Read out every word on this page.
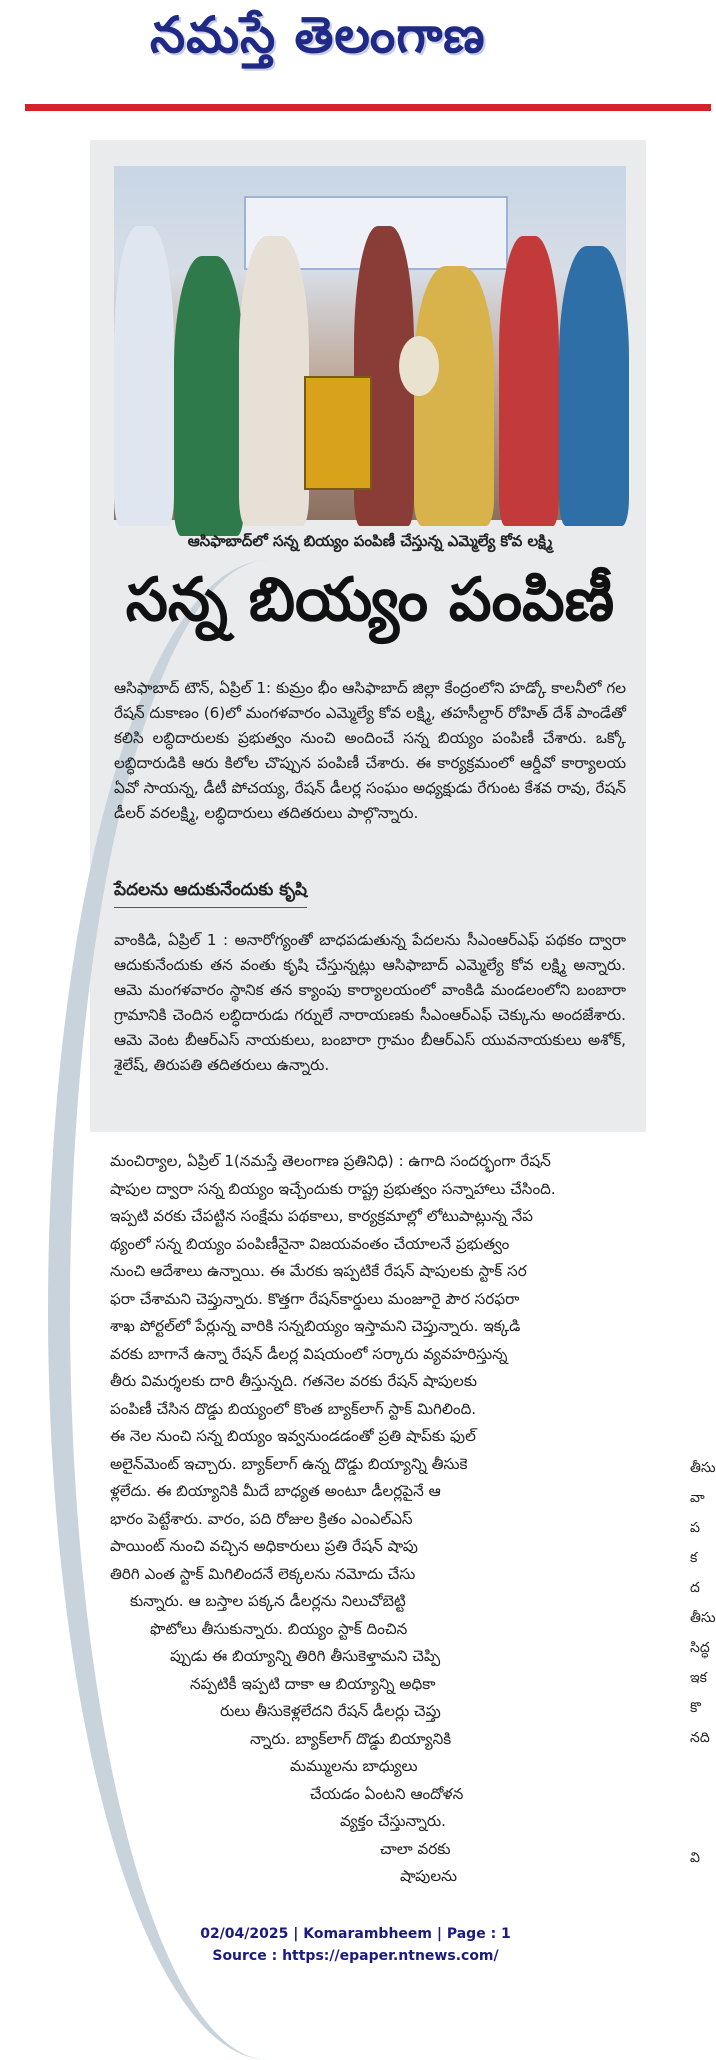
నమస్తే తెలంగాణ
ఆసిఫాబాద్‌లో సన్న బియ్యం పంపిణీ చేస్తున్న ఎమ్మెల్యే కోవ లక్ష్మి
సన్న బియ్యం పంపిణీ
ఆసిఫాబాద్ టౌన్, ఏప్రిల్ 1: కుమ్రం భీం ఆసిఫాబాద్ జిల్లా కేంద్రంలోని హడ్కో కాలనీలో గల రేషన్ దుకాణం (6)లో మంగళవారం ఎమ్మెల్యే కోవ లక్ష్మి, తహసీల్దార్ రోహిత్ దేశ్ పాండేతో కలిసి లబ్ధిదారులకు ప్రభుత్వం నుంచి అందించే సన్న బియ్యం పంపిణీ చేశారు. ఒక్కో లబ్ధిదారుడికి ఆరు కిలోల చొప్పున పంపిణీ చేశారు. ఈ కార్యక్రమంలో ఆర్డీవో కార్యాలయ ఏవో సాయన్న, డీటీ పోచయ్య, రేషన్ డీలర్ల సంఘం అధ్యక్షుడు రేగుంట కేశవ రావు, రేషన్ డీలర్ వరలక్ష్మి, లబ్ధిదారులు తదితరులు పాల్గొన్నారు.
పేదలను ఆదుకునేందుకు కృషి
వాంకిడి, ఏప్రిల్ 1 : అనారోగ్యంతో బాధపడుతున్న పేదలను సీఎంఆర్ఎఫ్ పథకం ద్వారా ఆదుకునేందుకు తన వంతు కృషి చేస్తున్నట్లు ఆసిఫాబాద్ ఎమ్మెల్యే కోవ లక్ష్మి అన్నారు. ఆమె మంగళవారం స్థానిక తన క్యాంపు కార్యాలయంలో వాంకిడి మండలంలోని బంబారా గ్రామానికి చెందిన లబ్ధిదారుడు గర్నులే నారాయణకు సీఎంఆర్ఎఫ్ చెక్కును అందజేశారు. ఆమె వెంట బీఆర్ఎస్ నాయకులు, బంబారా గ్రామం బీఆర్ఎస్ యువనాయకులు అశోక్, శైలేష్, తిరుపతి తదితరులు ఉన్నారు.
మంచిర్యాల, ఏప్రిల్ 1(నమస్తే తెలంగాణ ప్రతినిధి) : ఉగాది సందర్భంగా రేషన్
షాపుల ద్వారా సన్న బియ్యం ఇచ్చేందుకు రాష్ట్ర ప్రభుత్వం సన్నాహాలు చేసింది.
ఇప్పటి వరకు చేపట్టిన సంక్షేమ పథకాలు, కార్యక్రమాల్లో లోటుపాట్లున్న నేప
థ్యంలో సన్న బియ్యం పంపిణీనైనా విజయవంతం చేయాలనే ప్రభుత్వం
నుంచి ఆదేశాలు ఉన్నాయి. ఈ మేరకు ఇప్పటికే రేషన్ షాపులకు స్టాక్ సర
ఫరా చేశామని చెప్తున్నారు. కొత్తగా రేషన్‌కార్డులు మంజూరై పౌర సరఫరా
శాఖ పోర్టల్‌లో పేర్లున్న వారికి సన్నబియ్యం ఇస్తామని చెప్తున్నారు. ఇక్కడి
వరకు బాగానే ఉన్నా రేషన్ డీలర్ల విషయంలో సర్కారు వ్యవహరిస్తున్న
తీరు విమర్శలకు దారి తీస్తున్నది. గతనెల వరకు రేషన్ షాపులకు
పంపిణీ చేసిన దొడ్డు బియ్యంలో కొంత బ్యాక్‌లాగ్ స్టాక్ మిగిలింది.
ఈ నెల నుంచి సన్న బియ్యం ఇవ్వనుండడంతో ప్రతి షాప్‌కు ఫుల్
అలైన్‌మెంట్ ఇచ్చారు. బ్యాక్‌లాగ్ ఉన్న దొడ్డు బియ్యాన్ని తీసుకె
ళ్లలేదు. ఈ బియ్యానికి మీదే బాధ్యత అంటూ డీలర్లపైనే ఆ
భారం పెట్టేశారు. వారం, పది రోజుల క్రితం ఎంఎల్ఎస్
పాయింట్ నుంచి వచ్చిన అధికారులు ప్రతి రేషన్ షాపు
తిరిగి ఎంత స్టాక్ మిగిలిందనే లెక్కలను నమోదు చేసు
కున్నారు. ఆ బస్తాల పక్కన డీలర్లను నిలుచోబెట్టి
ఫొటోలు తీసుకున్నారు. బియ్యం స్టాక్ దించిన
ప్పుడు ఈ బియ్యాన్ని తిరిగి తీసుకెళ్తామని చెప్పి
నప్పటికీ ఇప్పటి దాకా ఆ బియ్యాన్ని అధికా
రులు తీసుకెళ్లలేదని రేషన్ డీలర్లు చెప్తు
న్నారు. బ్యాక్‌లాగ్ దొడ్డు బియ్యానికి
మమ్ములను బాధ్యులు
చేయడం ఏంటని ఆందోళన
వ్యక్తం చేస్తున్నారు.
చాలా వరకు
షాపులను
తీసు
వా
ప
క
ద
తీసు
సిద్ధ
ఇక
కొ
నది
వి
02/04/2025 | Komarambheem | Page : 1
Source : https://epaper.ntnews.com/
